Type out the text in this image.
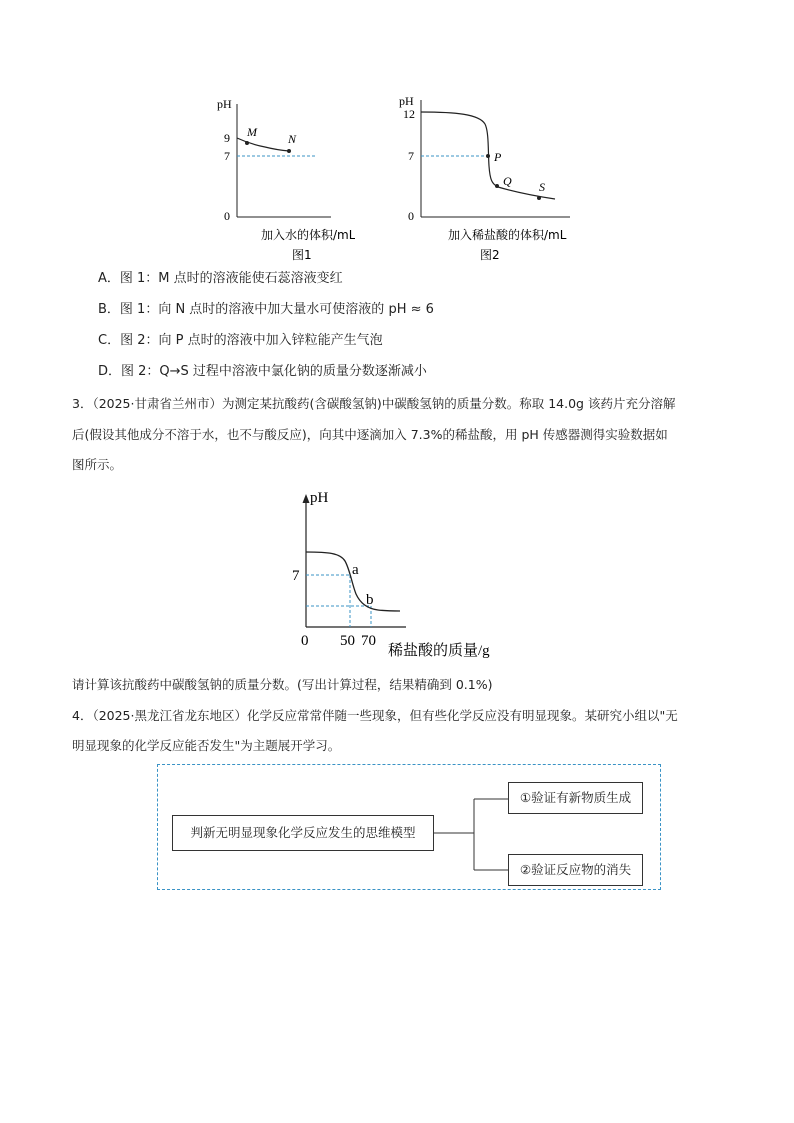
pH
9
7
0
M	N
加入水的体积/mL
图1
pH
12
7
0
P
Q S
加入稀盐酸的体积/mL
图2
A．图 1：M 点时的溶液能使石蕊溶液变红
B．图 1：向 N 点时的溶液中加大量水可使溶液的 pH ≈ 6
C．图 2：向 P 点时的溶液中加入锌粒能产生气泡
D．图 2：Q→S 过程中溶液中氯化钠的质量分数逐渐减小
3．（2025·甘肃省兰州市）为测定某抗酸药(含碳酸氢钠)中碳酸氢钠的质量分数。称取 14.0g 该药片充分溶解
后(假设其他成分不溶于水，也不与酸反应)，向其中逐滴加入 7.3%的稀盐酸，用 pH 传感器测得实验数据如
图所示。
pH
7	a
b
0 50 70
稀盐酸的质量/g
请计算该抗酸药中碳酸氢钠的质量分数。(写出计算过程，结果精确到 0.1%)
4．（2025·黑龙江省龙东地区）化学反应常常伴随一些现象，但有些化学反应没有明显现象。某研究小组以"无
明显现象的化学反应能否发生"为主题展开学习。
判新无明显现象化学反应发生的思维模型
①验证有新物质生成
②验证反应物的消失
